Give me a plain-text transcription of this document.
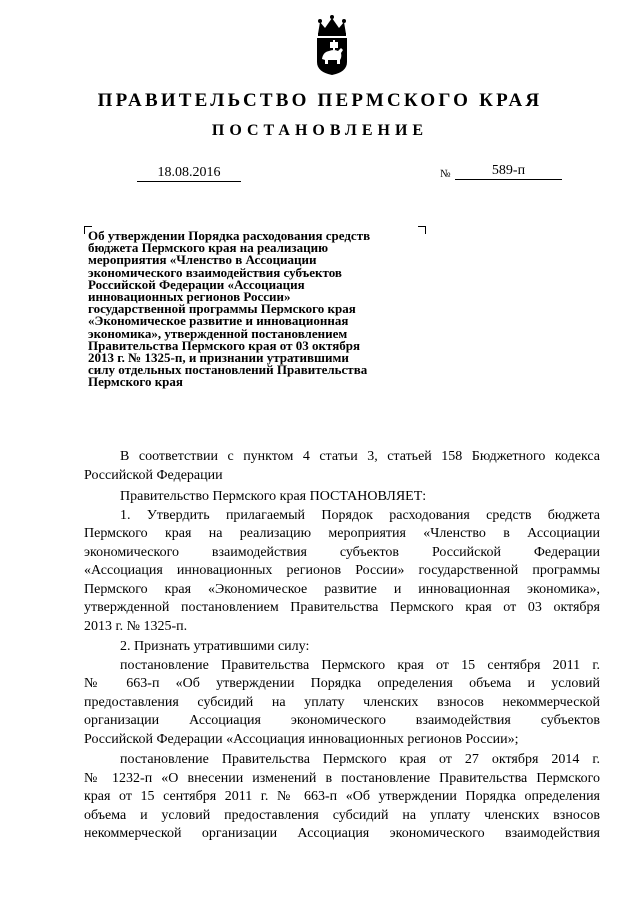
ПРАВИТЕЛЬСТВО ПЕРМСКОГО КРАЯ
ПОСТАНОВЛЕНИЕ
18.08.2016	№	589-п
Об утверждении Порядка расходования средств
бюджета Пермского края на реализацию
мероприятия «Членство в Ассоциации
экономического взаимодействия субъектов
Российской Федерации «Ассоциация
инновационных регионов России»
государственной программы Пермского края
«Экономическое развитие и инновационная
экономика», утвержденной постановлением
Правительства Пермского края от 03 октября
2013 г. № 1325-п, и признании утратившими
силу отдельных постановлений Правительства
Пермского края
В соответствии с пунктом 4 статьи 3, статьей 158 Бюджетного кодекса
Российской Федерации
Правительство Пермского края ПОСТАНОВЛЯЕТ:
1. Утвердить прилагаемый Порядок расходования средств бюджета
Пермского края на реализацию мероприятия «Членство в Ассоциации
экономического взаимодействия субъектов Российской Федерации
«Ассоциация инновационных регионов России» государственной программы
Пермского края «Экономическое развитие и инновационная экономика»,
утвержденной постановлением Правительства Пермского края от 03 октября
2013 г. № 1325-п.
2. Признать утратившими силу:
постановление Правительства Пермского края от 15 сентября 2011 г.
№ 663-п «Об утверждении Порядка определения объема и условий
предоставления субсидий на уплату членских взносов некоммерческой
организации Ассоциация экономического взаимодействия субъектов
Российской Федерации «Ассоциация инновационных регионов России»;
постановление Правительства Пермского края от 27 октября 2014 г.
№ 1232-п «О внесении изменений в постановление Правительства Пермского
края от 15 сентября 2011 г. № 663-п «Об утверждении Порядка определения
объема и условий предоставления субсидий на уплату членских взносов
некоммерческой организации Ассоциация экономического взаимодействия
